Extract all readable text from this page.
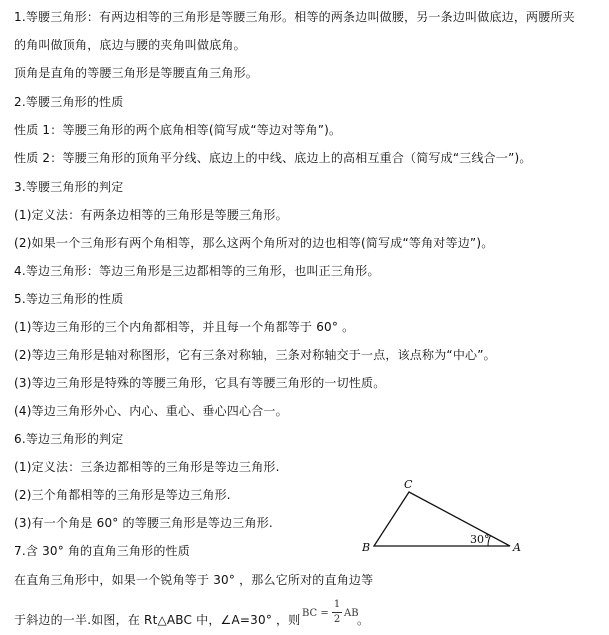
1.等腰三角形：有两边相等的三角形是等腰三角形。相等的两条边叫做腰，另一条边叫做底边，两腰所夹
的角叫做顶角，底边与腰的夹角叫做底角。
顶角是直角的等腰三角形是等腰直角三角形。
2.等腰三角形的性质
性质 1：等腰三角形的两个底角相等(简写成“等边对等角”)。
性质 2：等腰三角形的顶角平分线、底边上的中线、底边上的高相互重合（简写成“三线合一”)。
3.等腰三角形的判定
(1)定义法：有两条边相等的三角形是等腰三角形。
(2)如果一个三角形有两个角相等，那么这两个角所对的边也相等(简写成“等角对等边”)。
4.等边三角形：等边三角形是三边都相等的三角形，也叫正三角形。
5.等边三角形的性质
(1)等边三角形的三个内角都相等，并且每一个角都等于 60° 。
(2)等边三角形是轴对称图形，它有三条对称轴，三条对称轴交于一点，该点称为“中心”。
(3)等边三角形是特殊的等腰三角形，它具有等腰三角形的一切性质。
(4)等边三角形外心、内心、重心、垂心四心合一。
6.等边三角形的判定
(1)定义法：三条边都相等的三角形是等边三角形.
(2)三个角都相等的三角形是等边三角形.
(3)有一个角是 60° 的等腰三角形是等边三角形.
7.含 30° 角的直角三角形的性质
在直角三角形中，如果一个锐角等于 30° ，那么它所对的直角边等
于斜边的一半.如图，在 Rt△ABC 中，∠A=30° ，则
C
B	A
30°
BC =
1
2
AB
。
